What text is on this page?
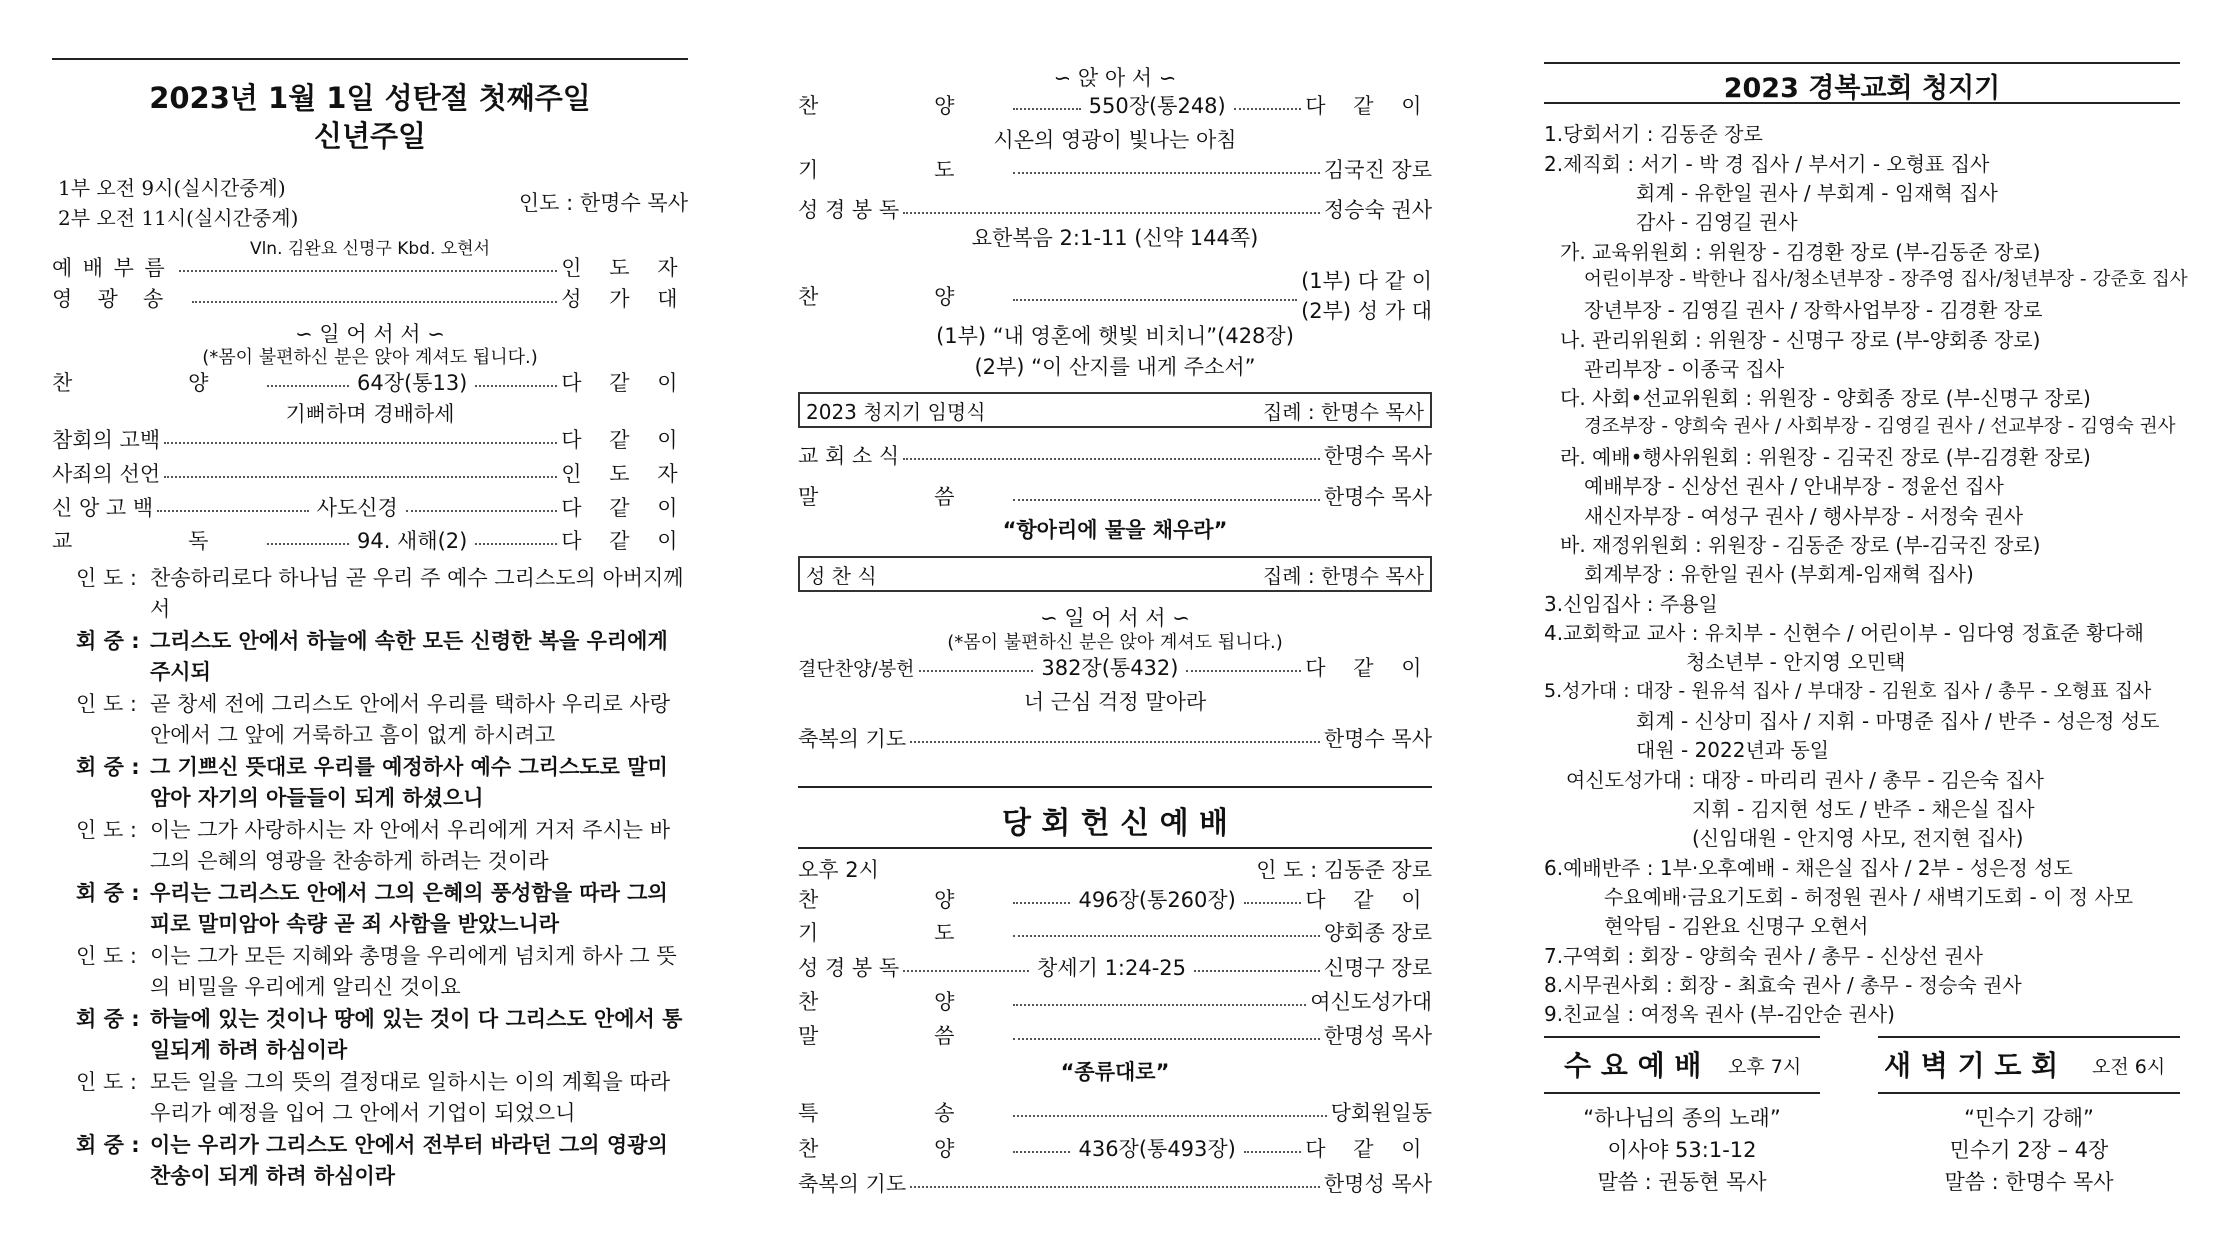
2023년 1월 1일 성탄절 첫째주일
신년주일
1부 오전 9시(실시간중계)
2부 오전 11시(실시간중계)
인도 : 한명수 목사
Vln. 김완요 신명구 Kbd. 오현서
예배부름	인 도 자
영광송	성 가 대
∽ 일 어 서 서 ∽
(*몸이 불편하신 분은 앉아 계셔도 됩니다.)
찬 양	64장(통13)	다 같 이
기뻐하며 경배하세
참회의 고백	다 같 이
사죄의 선언	인 도 자
신 앙 고 백	사도신경	다 같 이
교 독	94. 새해(2)	다 같 이
인 도 : 찬송하리로다 하나님 곧 우리 주 예수 그리스도의 아버지께서
회 중 : 그리스도 안에서 하늘에 속한 모든 신령한 복을 우리에게 주시되
인 도 : 곧 창세 전에 그리스도 안에서 우리를 택하사 우리로 사랑 안에서 그 앞에 거룩하고 흠이 없게 하시려고
회 중 : 그 기쁘신 뜻대로 우리를 예정하사 예수 그리스도로 말미암아 자기의 아들들이 되게 하셨으니
인 도 : 이는 그가 사랑하시는 자 안에서 우리에게 거저 주시는 바 그의 은혜의 영광을 찬송하게 하려는 것이라
회 중 : 우리는 그리스도 안에서 그의 은혜의 풍성함을 따라 그의 피로 말미암아 속량 곧 죄 사함을 받았느니라
인 도 : 이는 그가 모든 지혜와 총명을 우리에게 넘치게 하사 그 뜻의 비밀을 우리에게 알리신 것이요
회 중 : 하늘에 있는 것이나 땅에 있는 것이 다 그리스도 안에서 통일되게 하려 하심이라
인 도 : 모든 일을 그의 뜻의 결정대로 일하시는 이의 계획을 따라 우리가 예정을 입어 그 안에서 기업이 되었으니
회 중 : 이는 우리가 그리스도 안에서 전부터 바라던 그의 영광의 찬송이 되게 하려 하심이라
∽ 앉 아 서 ∽
찬 양	550장(통248)	다 같 이
시온의 영광이 빛나는 아침
기 도	김국진 장로
성 경 봉 독	정승숙 권사
요한복음 2:1-11 (신약 144쪽)
찬 양
(1부) 다 같 이
(2부) 성 가 대
(1부) “내 영혼에 햇빛 비치니”(428장)
(2부) “이 산지를 내게 주소서”
2023 청지기 임명식	집례 : 한명수 목사
교 회 소 식	한명수 목사
말 씀	한명수 목사
“항아리에 물을 채우라”
성 찬 식	집례 : 한명수 목사
∽ 일 어 서 서 ∽
(*몸이 불편하신 분은 앉아 계셔도 됩니다.)
결단찬양/봉헌	382장(통432)	다 같 이
너 근심 걱정 말아라
축복의 기도	한명수 목사
당 회 헌 신 예 배
오후 2시	인 도 : 김동준 장로
찬 양	496장(통260장)	다 같 이
기 도	양회종 장로
성 경 봉 독	창세기 1:24-25	신명구 장로
찬 양	여신도성가대
말 씀	한명성 목사
“종류대로”
특 송	당회원일동
찬 양	436장(통493장)	다 같 이
축복의 기도	한명성 목사
2023 경복교회 청지기
1.당회서기 : 김동준 장로
2.제직회 : 서기 - 박 경 집사 / 부서기 - 오형표 집사
회계 - 유한일 권사 / 부회계 - 임재혁 집사
감사 - 김영길 권사
가. 교육위원회 : 위원장 - 김경환 장로 (부-김동준 장로)
어린이부장 - 박한나 집사/청소년부장 - 장주영 집사/청년부장 - 강준호 집사
장년부장 - 김영길 권사 / 장학사업부장 - 김경환 장로
나. 관리위원회 : 위원장 - 신명구 장로 (부-양회종 장로)
관리부장 - 이종국 집사
다. 사회•선교위원회 : 위원장 - 양회종 장로 (부-신명구 장로)
경조부장 - 양희숙 권사 / 사회부장 - 김영길 권사 / 선교부장 - 김영숙 권사
라. 예배•행사위원회 : 위원장 - 김국진 장로 (부-김경환 장로)
예배부장 - 신상선 권사 / 안내부장 - 정윤선 집사
새신자부장 - 여성구 권사 / 행사부장 - 서정숙 권사
바. 재정위원회 : 위원장 - 김동준 장로 (부-김국진 장로)
회계부장 : 유한일 권사 (부회계-임재혁 집사)
3.신임집사 : 주용일
4.교회학교 교사 : 유치부 - 신현수 / 어린이부 - 임다영 정효준 황다해
청소년부 - 안지영 오민택
5.성가대 : 대장 - 원유석 집사 / 부대장 - 김원호 집사 / 총무 - 오형표 집사
회계 - 신상미 집사 / 지휘 - 마명준 집사 / 반주 - 성은정 성도
대원 - 2022년과 동일
여신도성가대 : 대장 - 마리리 권사 / 총무 - 김은숙 집사
지휘 - 김지현 성도 / 반주 - 채은실 집사
(신임대원 - 안지영 사모, 전지현 집사)
6.예배반주 : 1부·오후예배 - 채은실 집사 / 2부 - 성은정 성도
수요예배·금요기도회 - 허정원 권사 / 새벽기도회 - 이 정 사모
현악팀 - 김완요 신명구 오현서
7.구역회 : 회장 - 양희숙 권사 / 총무 - 신상선 권사
8.시무권사회 : 회장 - 최효숙 권사 / 총무 - 정승숙 권사
9.친교실 : 여정옥 권사 (부-김안순 권사)
수 요 예 배 오후 7시
“하나님의 종의 노래”
이사야 53:1-12
말씀 : 권동현 목사
새 벽 기 도 회 오전 6시
“민수기 강해”
민수기 2장 – 4장
말씀 : 한명수 목사
